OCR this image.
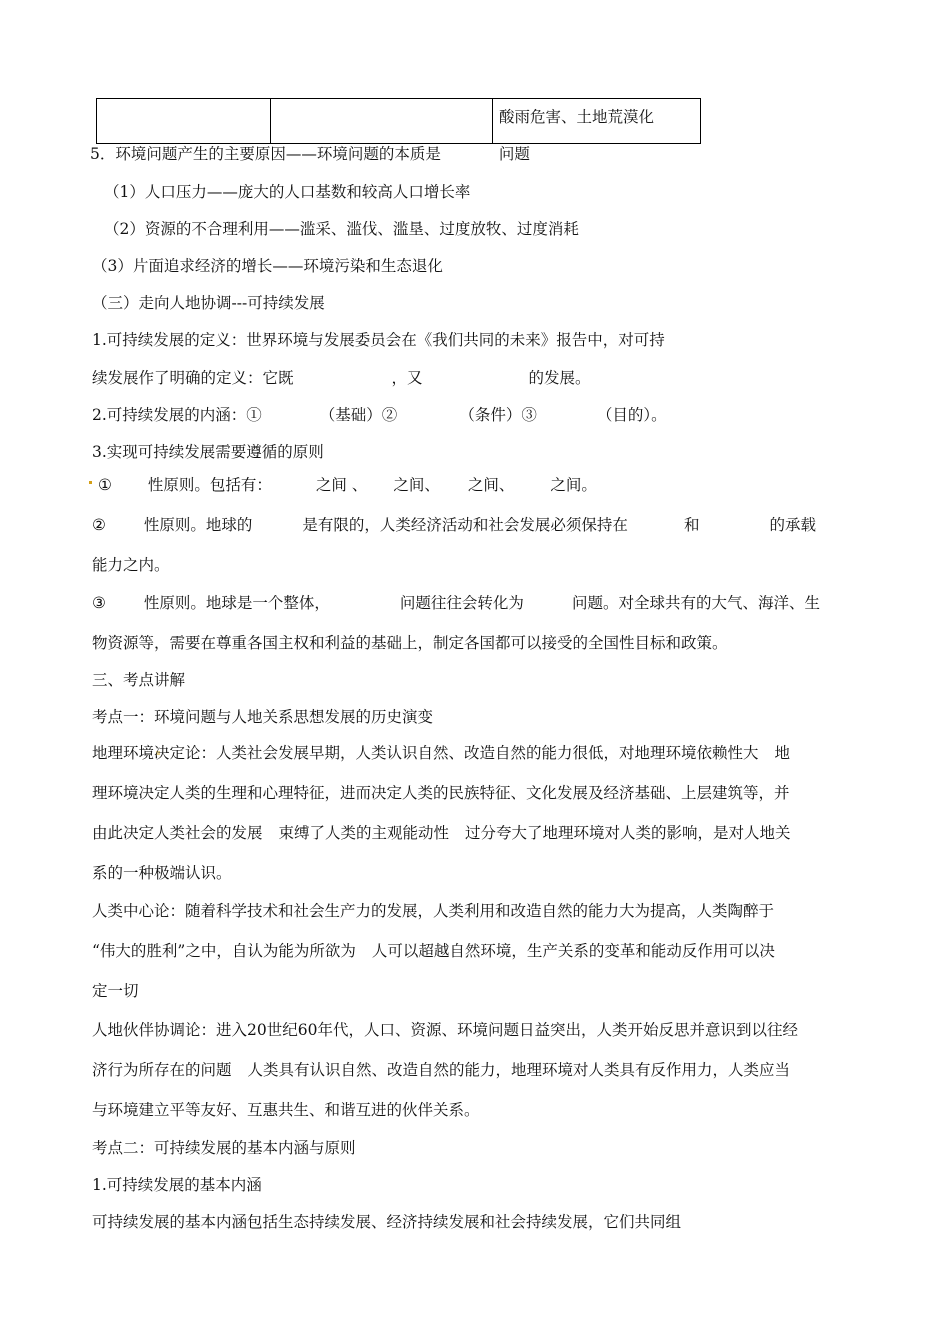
		酸雨危害、土地荒漠化
5．环境问题产生的主要原因——环境问题的本质是	问题
（1）人口压力——庞大的人口基数和较高人口增长率
（2）资源的不合理利用——滥采、滥伐、滥垦、过度放牧、过度消耗
（3）片面追求经济的增长——环境污染和生态退化
（三）走向人地协调---可持续发展
1.可持续发展的定义：世界环境与发展委员会在《我们共同的未来》报告中，对可持
续发展作了明确的定义：它既	，又	的发展。
2.可持续发展的内涵：①	（基础）②	（条件）③	（目的）。
3.实现可持续发展需要遵循的原则
① 性原则。包括有：	之间 、 之间、 之间、 之间。
② 性原则。地球的	是有限的，人类经济活动和社会发展必须保持在	和	的承载
能力之内。
③ 性原则。地球是一个整体，	问题往往会转化为	问题。对全球共有的大气、海洋、生
物资源等，需要在尊重各国主权和利益的基础上，制定各国都可以接受的全国性目标和政策。
三、考点讲解
考点一：环境问题与人地关系思想发展的历史演变
地理环境决定论：人类社会发展早期，人类认识自然、改造自然的能力很低，对地理环境依赖性大 地
理环境决定人类的生理和心理特征，进而决定人类的民族特征、文化发展及经济基础、上层建筑等，并
由此决定人类社会的发展 束缚了人类的主观能动性 过分夸大了地理环境对人类的影响，是对人地关
系的一种极端认识。
人类中心论：随着科学技术和社会生产力的发展，人类利用和改造自然的能力大为提高，人类陶醉于
“伟大的胜利”之中，自认为能为所欲为 人可以超越自然环境，生产关系的变革和能动反作用可以决
定一切
人地伙伴协调论：进入20世纪60年代，人口、资源、环境问题日益突出，人类开始反思并意识到以往经
济行为所存在的问题 人类具有认识自然、改造自然的能力，地理环境对人类具有反作用力，人类应当
与环境建立平等友好、互惠共生、和谐互进的伙伴关系。
考点二：可持续发展的基本内涵与原则
1.可持续发展的基本内涵
可持续发展的基本内涵包括生态持续发展、经济持续发展和社会持续发展，它们共同组
